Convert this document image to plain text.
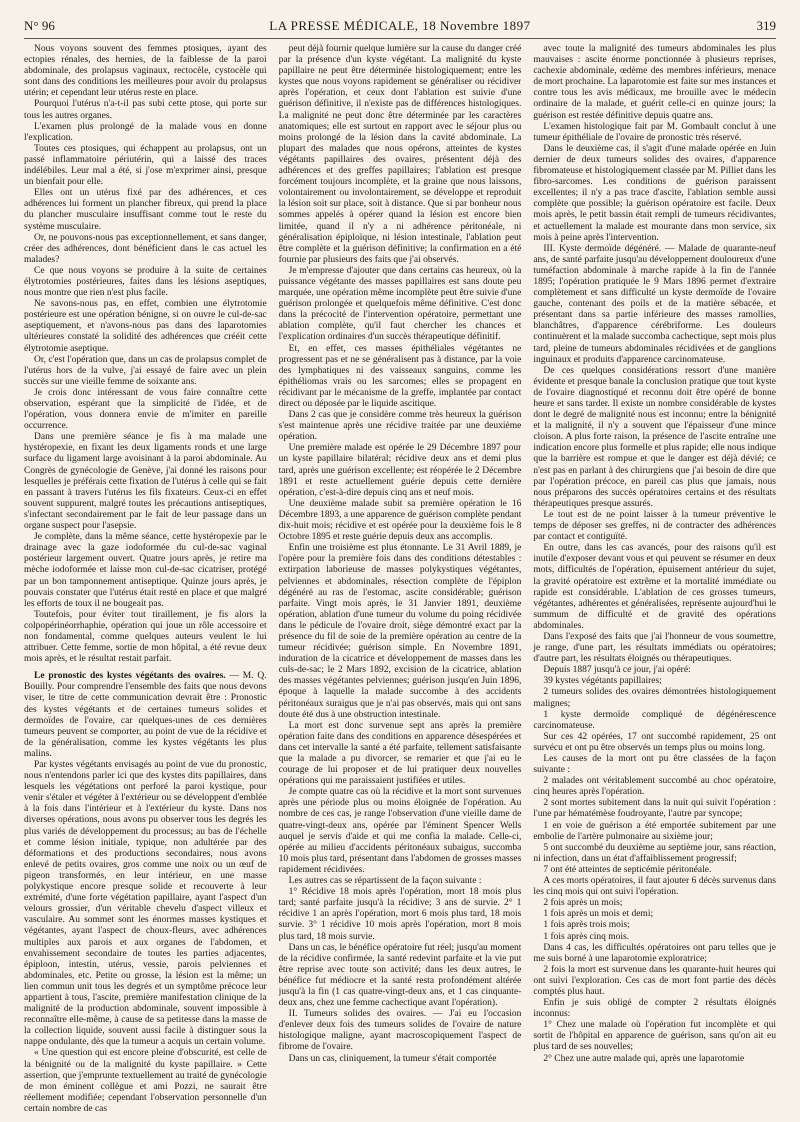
N° 96	LA PRESSE MÉDICALE, 18 Novembre 1897	319

Nous voyons souvent des femmes ptosiques, ayant des ectopies rénales, des hernies, de la faiblesse de la paroi abdominale, des prolapsus vaginaux, rectocèle, cystocèle qui sont dans des conditions les meilleures pour avoir du prolapsus utérin; et cependant leur utérus reste en place.

Pourquoi l'utérus n'a-t-il pas subi cette ptose, qui porte sur tous les autres organes.

L'examen plus prolongé de la malade vous en donne l'explication.

Toutes ces ptosiques, qui échappent au prolapsus, ont un passé inflammatoire périutérin, qui a laissé des traces indélébiles. Leur mal a été, si j'ose m'exprimer ainsi, presque un bienfait pour elle.

Elles ont un utérus fixé par des adhérences, et ces adhérences lui forment un plancher fibreux, qui prend la place du plancher musculaire insuffisant comme tout le reste du système musculaire.

Or, ne pouvons-nous pas exceptionnellement, et sans danger, créer des adhérences, dont bénéficient dans le cas actuel les malades?

Ce que nous voyons se produire à la suite de certaines élytrotomies postérieures, faites dans les lésions aseptiques, nous montre que rien n'est plus facile.

Ne savons-nous pas, en effet, combien une élytrotomie postérieure est une opération bénigne, si on ouvre le cul-de-sac aseptiquement, et n'avons-nous pas dans des laparotomies ultérieures constaté la solidité des adhérences que crééit cette élytrotomie aseptique.

Or, c'est l'opération que, dans un cas de prolapsus complet de l'utérus hors de la vulve, j'ai essayé de faire avec un plein succès sur une vieille femme de soixante ans.

Je crois donc intéressant de vous faire connaître cette observation, espérant que la simplicité de l'idée, et de l'opération, vous donnera envie de m'imiter en pareille occurrence.

Dans une première séance je fis à ma malade une hystéropexie, en fixant les deux ligaments ronds et une large surface du ligament large avoisinant à la paroi abdominale. Au Congrès de gynécologie de Genève, j'ai donné les raisons pour lesquelles je préférais cette fixation de l'utérus à celle qui se fait en passant à travers l'utérus les fils fixateurs. Ceux-ci en effet souvent suppurent, malgré toutes les précautions antiseptiques, s'infectant secondairement par le fait de leur passage dans un organe suspect pour l'asepsie.

Je complète, dans la même séance, cette hystéropexie par le drainage avec la gaze iodoformée du cul-de-sac vaginal postérieur largement ouvert. Quatre jours après, je retire ma mèche iodoformée et laisse mon cul-de-sac cicatriser, protégé par un bon tamponnement antiseptique. Quinze jours après, je pouvais constater que l'utérus était resté en place et que malgré les efforts de toux il ne bougeait pas.

Toutefois, pour éviter tout tiraillement, je fis alors la colpopérinéorrhaphie, opération qui joue un rôle accessoire et non fondamental, comme quelques auteurs veulent le lui attribuer. Cette femme, sortie de mon hôpital, a été revue deux mois après, et le résultat restait parfait.

Le pronostic des kystes végétants des ovaires. — M. Q. Bouilly. Pour comprendre l'ensemble des faits que nous devons viser, le titre de cette communication devrait être : Pronostic des kystes végétants et de certaines tumeurs solides et dermoïdes de l'ovaire, car quelques-unes de ces dernières tumeurs peuvent se comporter, au point de vue de la récidive et de la généralisation, comme les kystes végétants les plus malins.

Par kystes végétants envisagés au point de vue du pronostic, nous n'entendons parler ici que des kystes dits papillaires, dans lesquels les végétations ont perforé la paroi kystique, pour venir s'étaler et végéter à l'extérieur ou se développent d'emblée à la fois dans l'intérieur et à l'extérieur du kyste. Dans nos diverses opérations, nous avons pu observer tous les degrés les plus variés de développement du processus; au bas de l'échelle et comme lésion initiale, typique, non adultérée par des déformations et des productions secondaires, nous avons enlevé de petits ovaires, gros comme une noix ou un œuf de pigeon transformés, en leur intérieur, en une masse polykystique encore presque solide et recouverte à leur extrémité, d'une forte végétation papillaire, ayant l'aspect d'un velours grossier, d'un véritable chevelu d'aspect villeux et vasculaire. Au sommet sont les énormes masses kystiques et végétantes, ayant l'aspect de choux-fleurs, avec adhérences multiples aux parois et aux organes de l'abdomen, et envahissement secondaire de toutes les parties adjacentes, épiploon, intestin, utérus, vessie, parois pelviennes et abdominales, etc. Petite ou grosse, la lésion est la même; un lien commun unit tous les degrés et un symptôme précoce leur appartient à tous, l'ascite, première manifestation clinique de la malignité de la production abdominale, souvent impossible à reconnaître elle-même, à cause de sa petitesse dans la masse de la collection liquide, souvent aussi facile à distinguer sous la nappe ondulante, dès que la tumeur a acquis un certain volume.

« Une question qui est encore pleine d'obscurité, est celle de la bénignité ou de la malignité du kyste papillaire. » Cette assertion, que j'emprunte textuellement au traité de gynécologie de mon éminent collègue et ami Pozzi, ne saurait être réellement modifiée; cependant l'observation personnelle d'un certain nombre de cas

peut déjà fournir quelque lumière sur la cause du danger créé par la présence d'un kyste végétant. La malignité du kyste papillaire ne peut être déterminée histologiquement; entre les kystes que nous voyons rapidement se généraliser ou récidiver après l'opération, et ceux dont l'ablation est suivie d'une guérison définitive, il n'existe pas de différences histologiques. La malignité ne peut donc être déterminée par les caractères anatomiques; elle est surtout en rapport avec le séjour plus ou moins prolongé de la lésion dans la cavité abdominale. La plupart des malades que nous opérons, atteintes de kystes végétants papillaires des ovaires, présentent déjà des adhérences et des greffes papillaires; l'ablation est presque forcément toujours incomplète, et la graine que nous laissons, volontairement ou involontairement, se développe et reproduit la lésion soit sur place, soit à distance. Que si par bonheur nous sommes appelés à opérer quand la lésion est encore bien limitée, quand il n'y a ni adhérence péritonéale, ni généralisation épiploïque, ni lésion intestinale, l'ablation peut être complète et la guérison définitive; la confirmation en a été fournie par plusieurs des faits que j'ai observés.

Je m'empresse d'ajouter que dans certains cas heureux, où la puissance végétante des masses papillaires est sans doute peu marquée, une opération même incomplète peut être suivie d'une guérison prolongée et quelquefois même définitive. C'est donc dans la précocité de l'intervention opératoire, permettant une ablation complète, qu'il faut chercher les chances et l'explication ordinaires d'un succès thérapeutique définitif.

Et, en effet, ces masses épithéliales végétantes ne progressent pas et ne se généralisent pas à distance, par la voie des lymphatiques ni des vaisseaux sanguins, comme les épithéliomas vrais ou les sarcomes; elles se propagent en récidivant par le mécanisme de la greffe, implantée par contact direct ou déposée par le liquide ascitique.

Dans 2 cas que je considère comme très heureux la guérison s'est maintenue après une récidive traitée par une deuxième opération.

Une première malade est opérée le 29 Décembre 1897 pour un kyste papillaire bilatéral; récidive deux ans et demi plus tard, après une guérison excellente; est réopérée le 2 Décembre 1891 et reste actuellement guérie depuis cette dernière opération, c'est-à-dire depuis cinq ans et neuf mois.

Une deuxième malade subit sa première opération le 16 Décembre 1893, a une apparence de guérison complète pendant dix-huit mois; récidive et est opérée pour la deuxième fois le 8 Octobre 1895 et reste guérie depuis deux ans accomplis.

Enfin une troisième est plus étonnante. Le 31 Avril 1889, je l'opère pour la première fois dans des conditions détestables : extirpation laborieuse de masses polykystiques végétantes, pelviennes et abdominales, résection complète de l'épiplon dégénéré au ras de l'estomac, ascite considérable; guérison parfaite. Vingt mois après, le 31 Janvier 1891, deuxième opération, ablation d'une tumeur du volume du poing récidivée dans le pédicule de l'ovaire droit, siège démontré exact par la présence du fil de soie de la première opération au centre de la tumeur récidivée; guérison simple. En Novembre 1891, induration de la cicatrice et développement de masses dans les culs-de-sac; le 2 Mars 1892, excision de la cicatrice, ablation des masses végétantes pelviennes; guérison jusqu'en Juin 1896, époque à laquelle la malade succombe à des accidents péritonéaux suraigus que je n'ai pas observés, mais qui ont sans doute été dus à une obstruction intestinale.

La mort est donc survenue sept ans après la première opération faite dans des conditions en apparence désespérées et dans cet intervalle la santé a été parfaite, tellement satisfaisante que la malade a pu divorcer, se remarier et que j'ai eu le courage de lui proposer et de lui pratiquer deux nouvelles opérations qui me paraissaient justifiées et utiles.

Je compte quatre cas où la récidive et la mort sont survenues après une période plus ou moins éloignée de l'opération. Au nombre de ces cas, je range l'observation d'une vieille dame de quatre-vingt-deux ans, opérée par l'éminent Spencer Wells auquel je servis d'aide et qui me confia la malade. Celle-ci, opérée au milieu d'accidents péritonéaux subaigus, succomba 10 mois plus tard, présentant dans l'abdomen de grosses masses rapidement récidivées.

Les autres cas se répartissent de la façon suivante :

1° Récidive 18 mois après l'opération, mort 18 mois plus tard; santé parfaite jusqu'à la récidive; 3 ans de survie. 2° 1 récidive 1 an après l'opération, mort 6 mois plus tard, 18 mois survie. 3° 1 récidive 10 mois après l'opération, mort 8 mois plus tard, 18 mois survie.

Dans un cas, le bénéfice opératoire fut réel; jusqu'au moment de la récidive confirmée, la santé redevint parfaite et la vie put être reprise avec toute son activité; dans les deux autres, le bénéfice fut médiocre et la santé resta profondément altérée jusqu'à la fin (1 cas quatre-vingt-deux ans, et 1 cas cinquante-deux ans, chez une femme cachectique avant l'opération).

II. Tumeurs solides des ovaires. — J'ai eu l'occasion d'enlever deux fois des tumeurs solides de l'ovaire de nature histologique maligne, ayant macroscopiquement l'aspect de fibrome de l'ovaire.

Dans un cas, cliniquement, la tumeur s'était comportée

avec toute la malignité des tumeurs abdominales les plus mauvaises : ascite énorme ponctionnée à plusieurs reprises, cachexie abdominale, œdème des membres inférieurs, menace de mort prochaine. La laparotomie est faite sur mes instances et contre tous les avis médicaux, me brouille avec le médecin ordinaire de la malade, et guérit celle-ci en quinze jours; la guérison est restée définitive depuis quatre ans.

L'examen histologique fait par M. Gombault conclut à une tumeur épithéliale de l'ovaire de pronostic très réservé.

Dans le deuxième cas, il s'agit d'une malade opérée en Juin dernier de deux tumeurs solides des ovaires, d'apparence fibromateuse et histologiquement classée par M. Pilliet dans les fibro-sarcomes. Les conditions de guérison paraissent excellentes; il n'y a pas trace d'ascite, l'ablation semble aussi complète que possible; la guérison opératoire est facile. Deux mois après, le petit bassin était rempli de tumeurs récidivantes, et actuellement la malade est mourante dans mon service, six mois à peine après l'intervention.

III. Kyste dermoïde dégénéré. — Malade de quarante-neuf ans, de santé parfaite jusqu'au développement douloureux d'une tuméfaction abdominale à marche rapide à la fin de l'année 1895; l'opération pratiquée le 9 Mars 1896 permet d'extraire complètement et sans difficulté un kyste dermoïde de l'ovaire gauche, contenant des poils et de la matière sébacée, et présentant dans sa partie inférieure des masses ramollies, blanchâtres, d'apparence cérébriforme. Les douleurs continuèrent et la malade succomba cachectique, sept mois plus tard, pleine de tumeurs abdominales récidivées et de ganglions inguinaux et produits d'apparence carcinomateuse.

De ces quelques considérations ressort d'une manière évidente et presque banale la conclusion pratique que tout kyste de l'ovaire diagnostiqué et reconnu doit être opéré de bonne heure et sans tarder. Il existe un nombre considérable de kystes dont le degré de malignité nous est inconnu; entre la bénignité et la malignité, il n'y a souvent que l'épaisseur d'une mince cloison. A plus forte raison, la présence de l'ascite entraîne une indication encore plus formelle et plus rapide; elle nous indique que la barrière est rompue et que le danger est déjà dévié; ce n'est pas en parlant à des chirurgiens que j'ai besoin de dire que par l'opération précoce, en pareil cas plus que jamais, nous nous préparons des succès opératoires certains et des résultats thérapeutiques presque assurés.

Le tout est de ne point laisser à la tumeur préventive le temps de déposer ses greffes, ni de contracter des adhérences par contact et contiguïté.

En outre, dans les cas avancés, pour des raisons qu'il est inutile d'exposer devant vous et qui peuvent se résumer en deux mots, difficultés de l'opération, épuisement antérieur du sujet, la gravité opératoire est extrême et la mortalité immédiate ou rapide est considérable. L'ablation de ces grosses tumeurs, végétantes, adhérentes et généralisées, représente aujourd'hui le summum de difficulté et de gravité des opérations abdominales.

Dans l'exposé des faits que j'ai l'honneur de vous soumettre, je range, d'une part, les résultats immédiats ou opératoires; d'autre part, les résultats éloignés ou thérapeutiques.

Depuis 1887 jusqu'à ce jour, j'ai opéré:

39 kystes végétants papillaires;

2 tumeurs solides des ovaires démontrées histologiquement malignes;

1 kyste dermoïde compliqué de dégénérescence carcinomateuse.

Sur ces 42 opérées, 17 ont succombé rapidement, 25 ont survécu et ont pu être observés un temps plus ou moins long.

Les causes de la mort ont pu être classées de la façon suivante :

2 malades ont véritablement succombé au choc opératoire, cinq heures après l'opération.

2 sont mortes subitement dans la nuit qui suivit l'opération : l'une par hématémèse foudroyante, l'autre par syncope;

1 en voie de guérison a été emportée subitement par une embolie de l'artère pulmonaire au sixième jour;

5 ont succombé du deuxième au septième jour, sans réaction, ni infection, dans un état d'affaiblissement progressif;

7 ont été atteintes de septicémie péritonéale.

A ces morts opératoires, il faut ajouter 6 décès survenus dans les cinq mois qui ont suivi l'opération.

2 fois après un mois;

1 fois après un mois et demi;

1 fois après trois mois;

1 fois après cinq mois.

Dans 4 cas, les difficultés opératoires ont paru telles que je me suis borné à une laparotomie exploratrice;

2 fois la mort est survenue dans les quarante-huit heures qui ont suivi l'exploration. Ces cas de mort font partie des décès comptés plus haut.

Enfin je suis obligé de compter 2 résultats éloignés inconnus:

1° Chez une malade où l'opération fut incomplète et qui sortit de l'hôpital en apparence de guérison, sans qu'on ait eu plus tard de ses nouvelles;

2° Chez une autre malade qui, après une laparotomie
